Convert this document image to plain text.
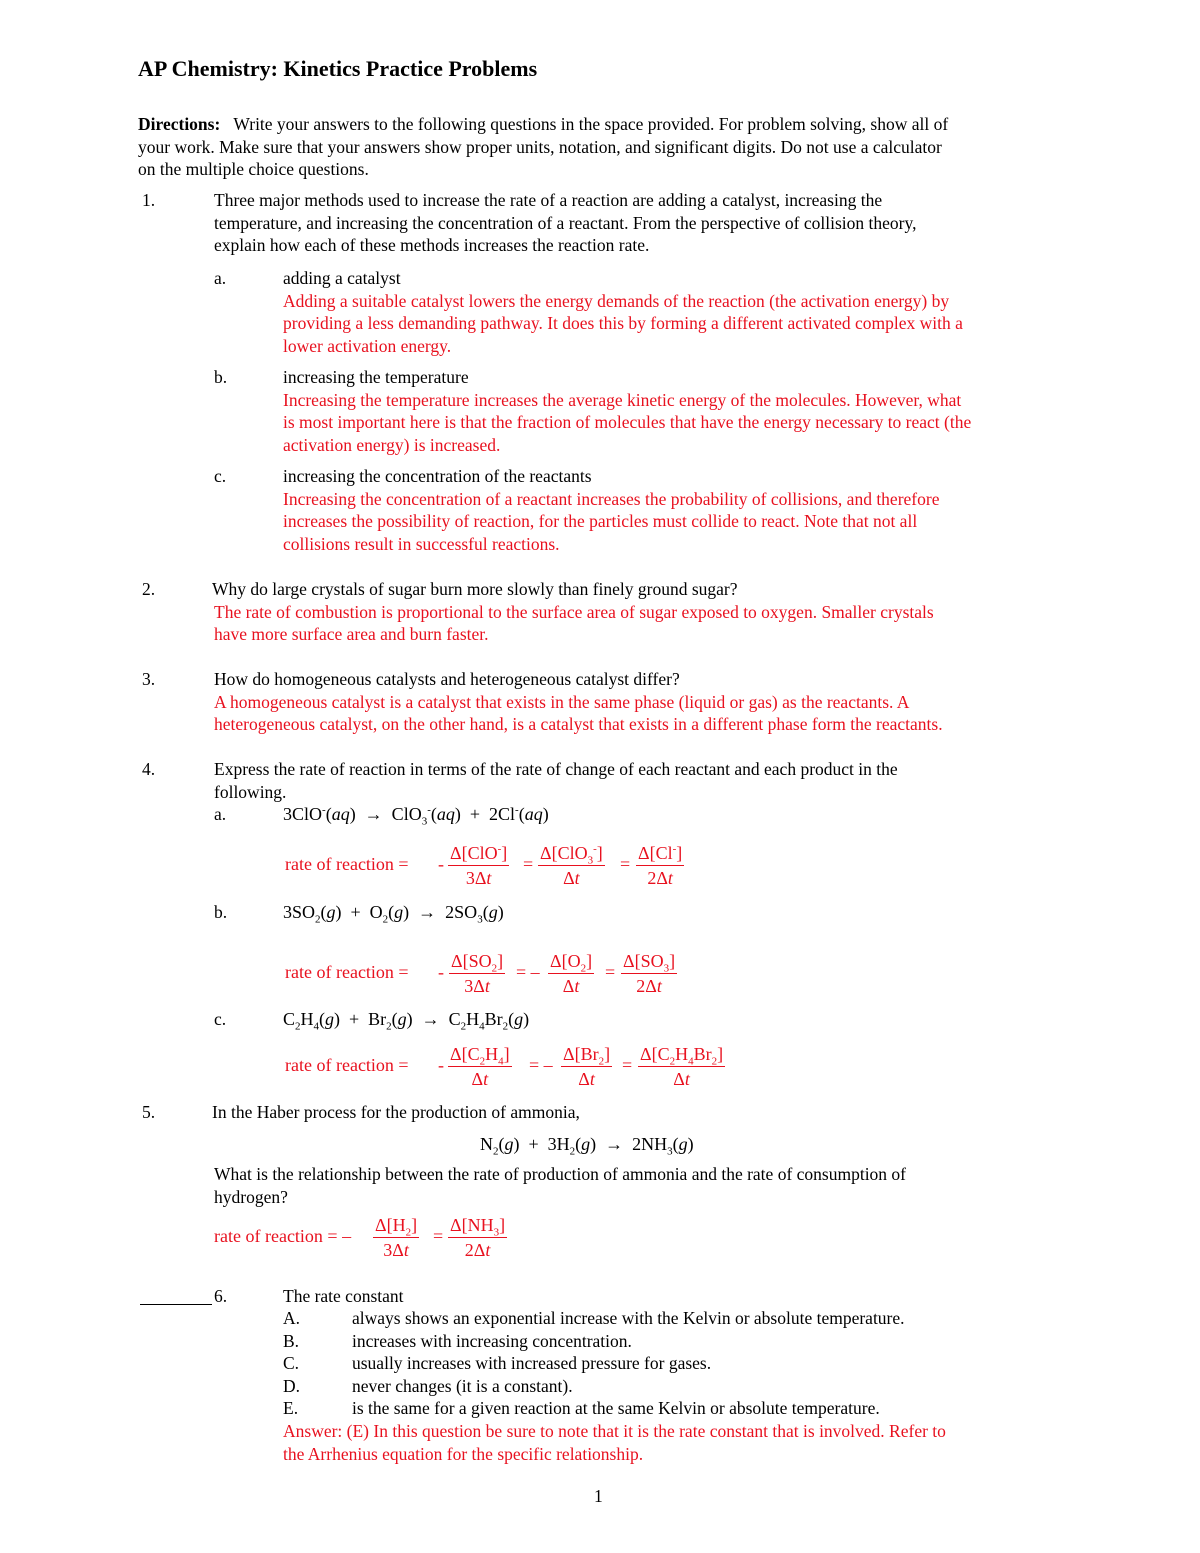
AP Chemistry: Kinetics Practice Problems
Directions: Write your answers to the following questions in the space provided. For problem solving, show all of
your work. Make sure that your answers show proper units, notation, and significant digits. Do not use a calculator
on the multiple choice questions.
1.	Three major methods used to increase the rate of a reaction are adding a catalyst, increasing the
temperature, and increasing the concentration of a reactant. From the perspective of collision theory,
explain how each of these methods increases the reaction rate.
a.	adding a catalyst
Adding a suitable catalyst lowers the energy demands of the reaction (the activation energy) by
providing a less demanding pathway. It does this by forming a different activated complex with a
lower activation energy.
b.	increasing the temperature
Increasing the temperature increases the average kinetic energy of the molecules. However, what
is most important here is that the fraction of molecules that have the energy necessary to react (the
activation energy) is increased.
c.	increasing the concentration of the reactants
Increasing the concentration of a reactant increases the probability of collisions, and therefore
increases the possibility of reaction, for the particles must collide to react. Note that not all
collisions result in successful reactions.
2.	Why do large crystals of sugar burn more slowly than finely ground sugar?
The rate of combustion is proportional to the surface area of sugar exposed to oxygen. Smaller crystals
have more surface area and burn faster.
3.	How do homogeneous catalysts and heterogeneous catalyst differ?
A homogeneous catalyst is a catalyst that exists in the same phase (liquid or gas) as the reactants. A
heterogeneous catalyst, on the other hand, is a catalyst that exists in a different phase form the reactants.
4.	Express the rate of reaction in terms of the rate of change of each reactant and each product in the
following.
a.	3ClO-(aq)  →  ClO$_3$-(aq)  +  2Cl-(aq)
rate of reaction = -
Δ[ClO-]
3Δt
=
Δ[ClO$_3$-]
Δt
= $\frac{\Delta[Cl^-]}{2\Delta t}$
b.	$3SO_2(g) + O_2(g) \to 2SO_3(g)$
rate of reaction = - $\frac{\Delta[SO_2]}{3\Delta t}$ = – $\frac{\Delta[O_2]}{\Delta t} = \frac{\Delta[SO_3]}{2\Delta t}$
c.	$C_2H_4(g) + Br_2(g) \to C_2H_4Br_2(g)$
rate of reaction = - $\frac{\Delta[C_2H_4]}{\Delta t}$ = – $\frac{\Delta[Br_2]}{\Delta t} = \frac{\Delta[C_2H_4Br_2]}{\Delta t}$
5.	In the Haber process for the production of ammonia,
$N_2(g) + 3H_2(g) \to 2NH_3(g)$
What is the relationship between the rate of production of ammonia and the rate of consumption of
hydrogen?
rate of reaction = – $\frac{\Delta[H_2]}{3\Delta t} = \frac{\Delta[NH_3]}{2\Delta t}$
6.	The rate constant
A.
B.
C.
D.
E.
always shows an exponential increase with the Kelvin or absolute temperature.
increases with increasing concentration.
usually increases with increased pressure for gases.
never changes (it is a constant).
is the same for a given reaction at the same Kelvin or absolute temperature.
Answer: (E) In this question be sure to note that it is the rate constant that is involved. Refer to
the Arrhenius equation for the specific relationship.
1
